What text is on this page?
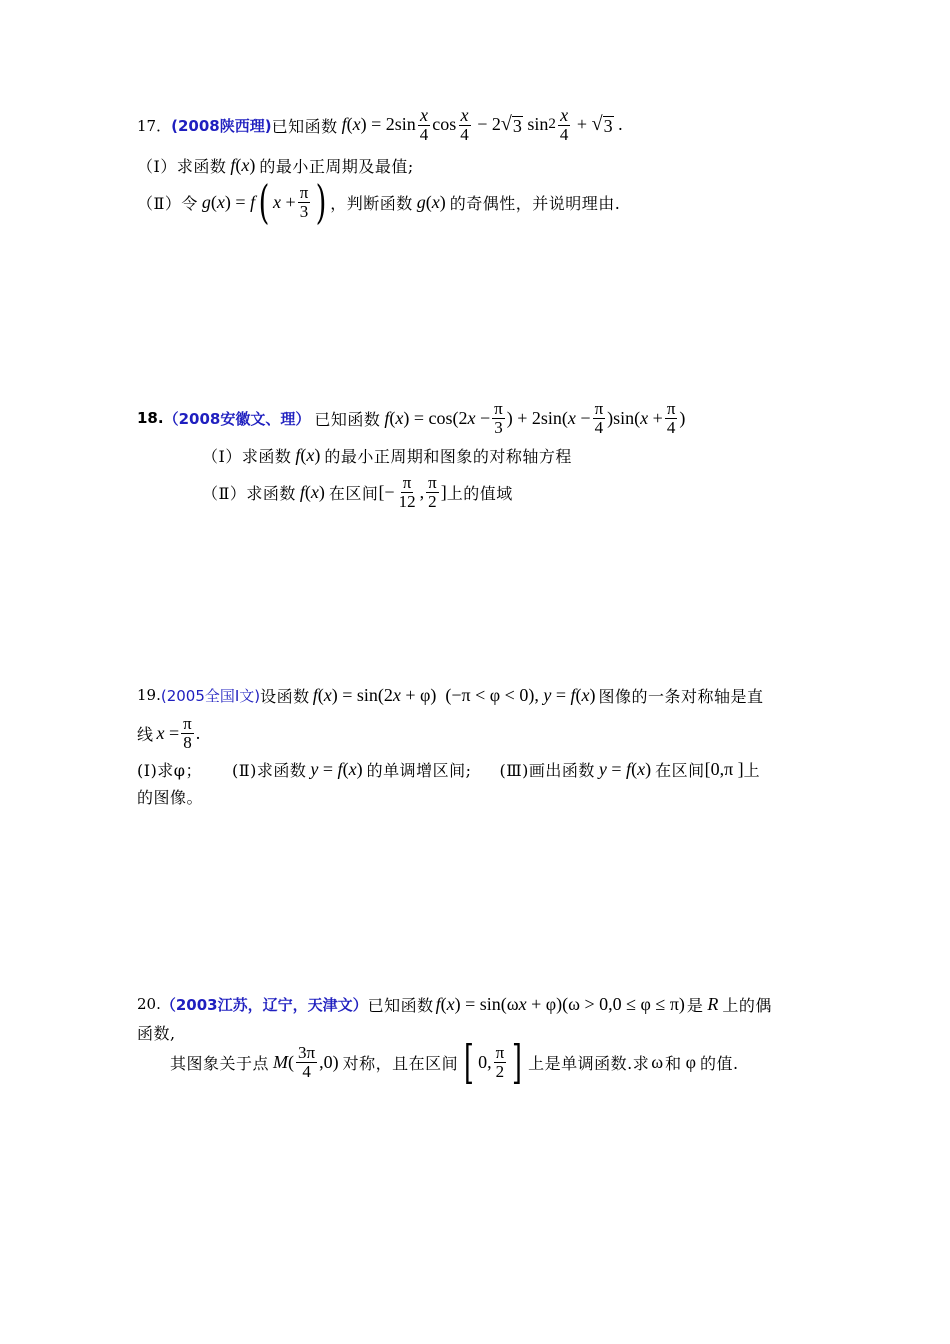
17． (2008陕西理) 已知函数 f ( x ) = $2\sin \frac{x}{4}$ $\cos \frac{x}{4} - 2$ √ 3 $\sin 2 \frac{x}{4}$ + √ 3 .
（Ⅰ） 求函数 f(x) 的最小正周期及最值;
（Ⅱ） 令 g ( x ) = f ( $x + \frac{\pi}{3}$ ) ，判断函数 g(x) 的奇偶性，并说明理由.
18. （2008安徽文、理） 已知函数 f ( x ) = cos(2 $x - \frac{\pi}{3}$ ) + 2sin( $x - \frac{\pi}{4} )\sin$( $x + \frac{\pi}{4}$ )
（Ⅰ） 求函数 f(x) 的最小正周期和图象的对称轴方程
（Ⅱ） 求函数 f(x) 在区间 [− $\frac{\pi}{12}$ , $\frac{\pi}{2}$ ] 上的值域
19. (2005全国Ⅰ文) 设函数 f ( x ) = sin(2 x + φ)  (−π < φ < 0), y = f ( x ) 图像的一条对称轴是直
线 $x = \frac{\pi}{8}$ .
(Ⅰ)求φ； (Ⅱ)求函数 y = f(x) 的单调增区间; (Ⅲ)画出函数 y = f(x) 在区间 [0,π ] 上
的图像。
20. （2003江苏，辽宁，天津文） 已知函数 f ( x ) = sin(ω x + φ)(ω > 0,0 ≤ φ ≤ π) 是 R 上的偶
函数,
其图象关于点 M ( $\frac{3\pi}{4} ,0$) 对称，且在区间 [ 0, $\frac{\pi}{2}$ ] 上是单调函数.求 ω 和 φ 的值.
